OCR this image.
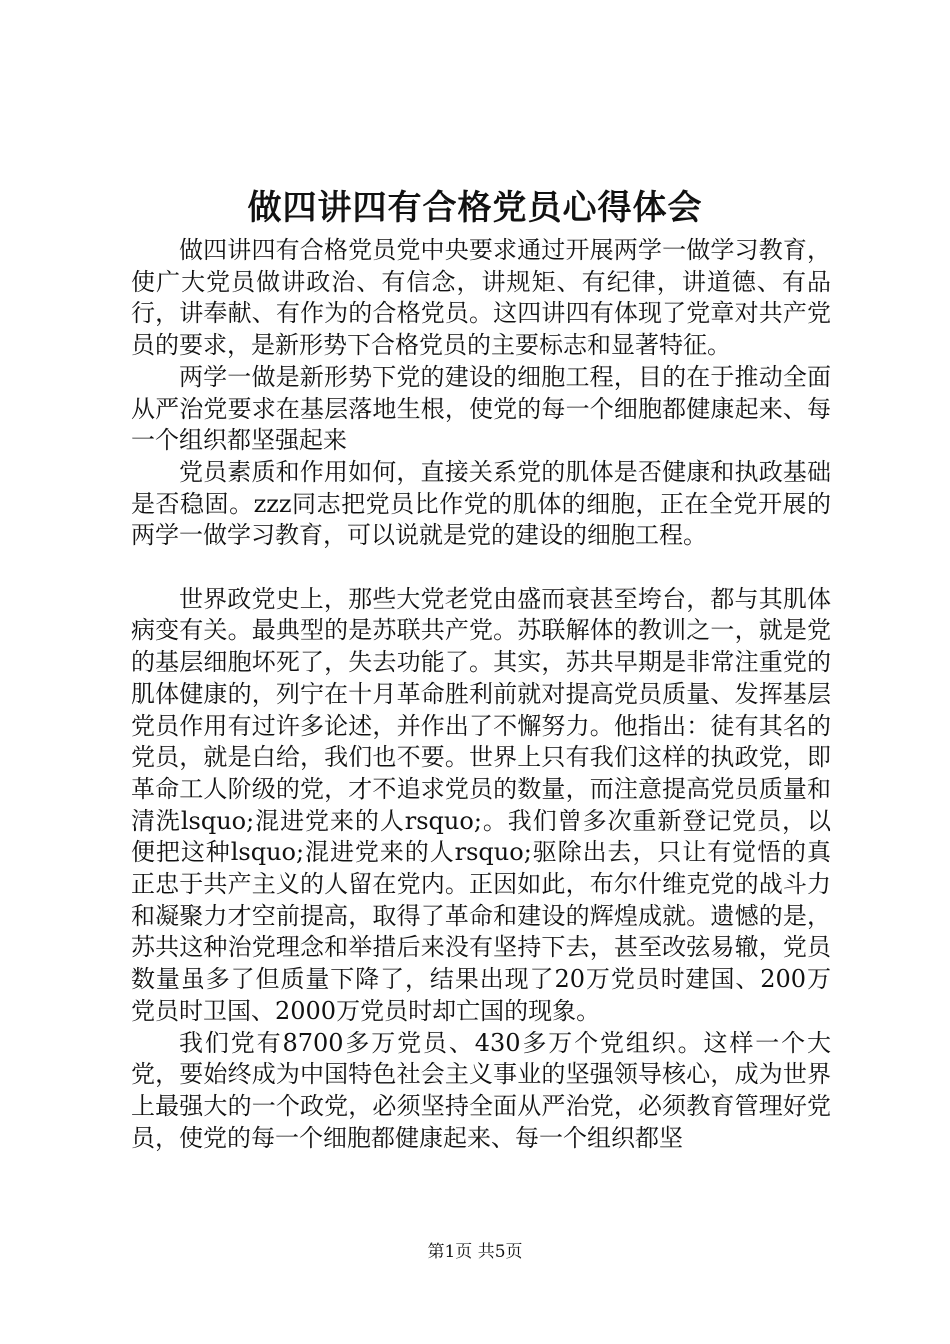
做四讲四有合格党员心得体会

做四讲四有合格党员党中央要求通过开展两学一做学习教育，使广大党员做讲政治、有信念，讲规矩、有纪律，讲道德、有品行，讲奉献、有作为的合格党员。这四讲四有体现了党章对共产党员的要求，是新形势下合格党员的主要标志和显著特征。

两学一做是新形势下党的建设的细胞工程，目的在于推动全面从严治党要求在基层落地生根，使党的每一个细胞都健康起来、每一个组织都坚强起来

党员素质和作用如何，直接关系党的肌体是否健康和执政基础是否稳固。zzz同志把党员比作党的肌体的细胞，正在全党开展的两学一做学习教育，可以说就是党的建设的细胞工程。

世界政党史上，那些大党老党由盛而衰甚至垮台，都与其肌体病变有关。最典型的是苏联共产党。苏联解体的教训之一，就是党的基层细胞坏死了，失去功能了。其实，苏共早期是非常注重党的肌体健康的，列宁在十月革命胜利前就对提高党员质量、发挥基层党员作用有过许多论述，并作出了不懈努力。他指出：徒有其名的党员，就是白给，我们也不要。世界上只有我们这样的执政党，即革命工人阶级的党，才不追求党员的数量，而注意提高党员质量和清洗lsquo;混进党来的人rsquo;。我们曾多次重新登记党员，以便把这种lsquo;混进党来的人rsquo;驱除出去，只让有觉悟的真正忠于共产主义的人留在党内。正因如此，布尔什维克党的战斗力和凝聚力才空前提高，取得了革命和建设的辉煌成就。遗憾的是，苏共这种治党理念和举措后来没有坚持下去，甚至改弦易辙，党员数量虽多了但质量下降了，结果出现了20万党员时建国、200万党员时卫国、2000万党员时却亡国的现象。

我们党有8700多万党员、430多万个党组织。这样一个大党，要始终成为中国特色社会主义事业的坚强领导核心，成为世界上最强大的一个政党，必须坚持全面从严治党，必须教育管理好党员，使党的每一个细胞都健康起来、每一个组织都坚

第1页 共5页
